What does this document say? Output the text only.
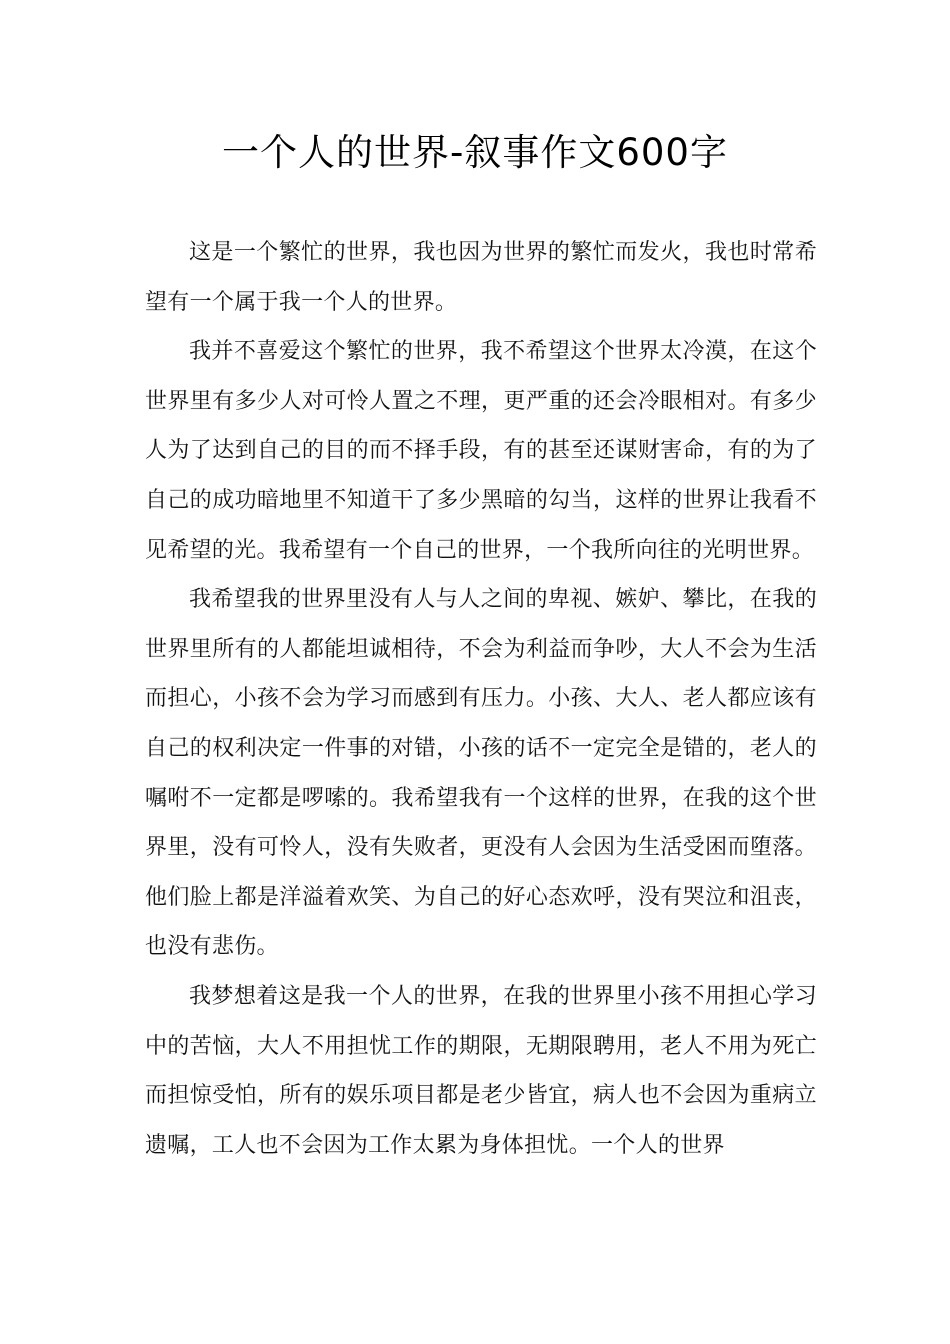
一个人的世界-叙事作文600字

这是一个繁忙的世界，我也因为世界的繁忙而发火，我也时常希望有一个属于我一个人的世界。

我并不喜爱这个繁忙的世界，我不希望这个世界太冷漠，在这个世界里有多少人对可怜人置之不理，更严重的还会冷眼相对。有多少人为了达到自己的目的而不择手段，有的甚至还谋财害命，有的为了自己的成功暗地里不知道干了多少黑暗的勾当，这样的世界让我看不见希望的光。我希望有一个自己的世界，一个我所向往的光明世界。

我希望我的世界里没有人与人之间的卑视、嫉妒、攀比，在我的世界里所有的人都能坦诚相待，不会为利益而争吵，大人不会为生活而担心，小孩不会为学习而感到有压力。小孩、大人、老人都应该有自己的权利决定一件事的对错，小孩的话不一定完全是错的，老人的嘱咐不一定都是啰嗦的。我希望我有一个这样的世界，在我的这个世界里，没有可怜人，没有失败者，更没有人会因为生活受困而堕落。他们脸上都是洋溢着欢笑、为自己的好心态欢呼，没有哭泣和沮丧，也没有悲伤。

我梦想着这是我一个人的世界，在我的世界里小孩不用担心学习中的苦恼，大人不用担忧工作的期限，无期限聘用，老人不用为死亡而担惊受怕，所有的娱乐项目都是老少皆宜，病人也不会因为重病立遗嘱，工人也不会因为工作太累为身体担忧。一个人的世界
